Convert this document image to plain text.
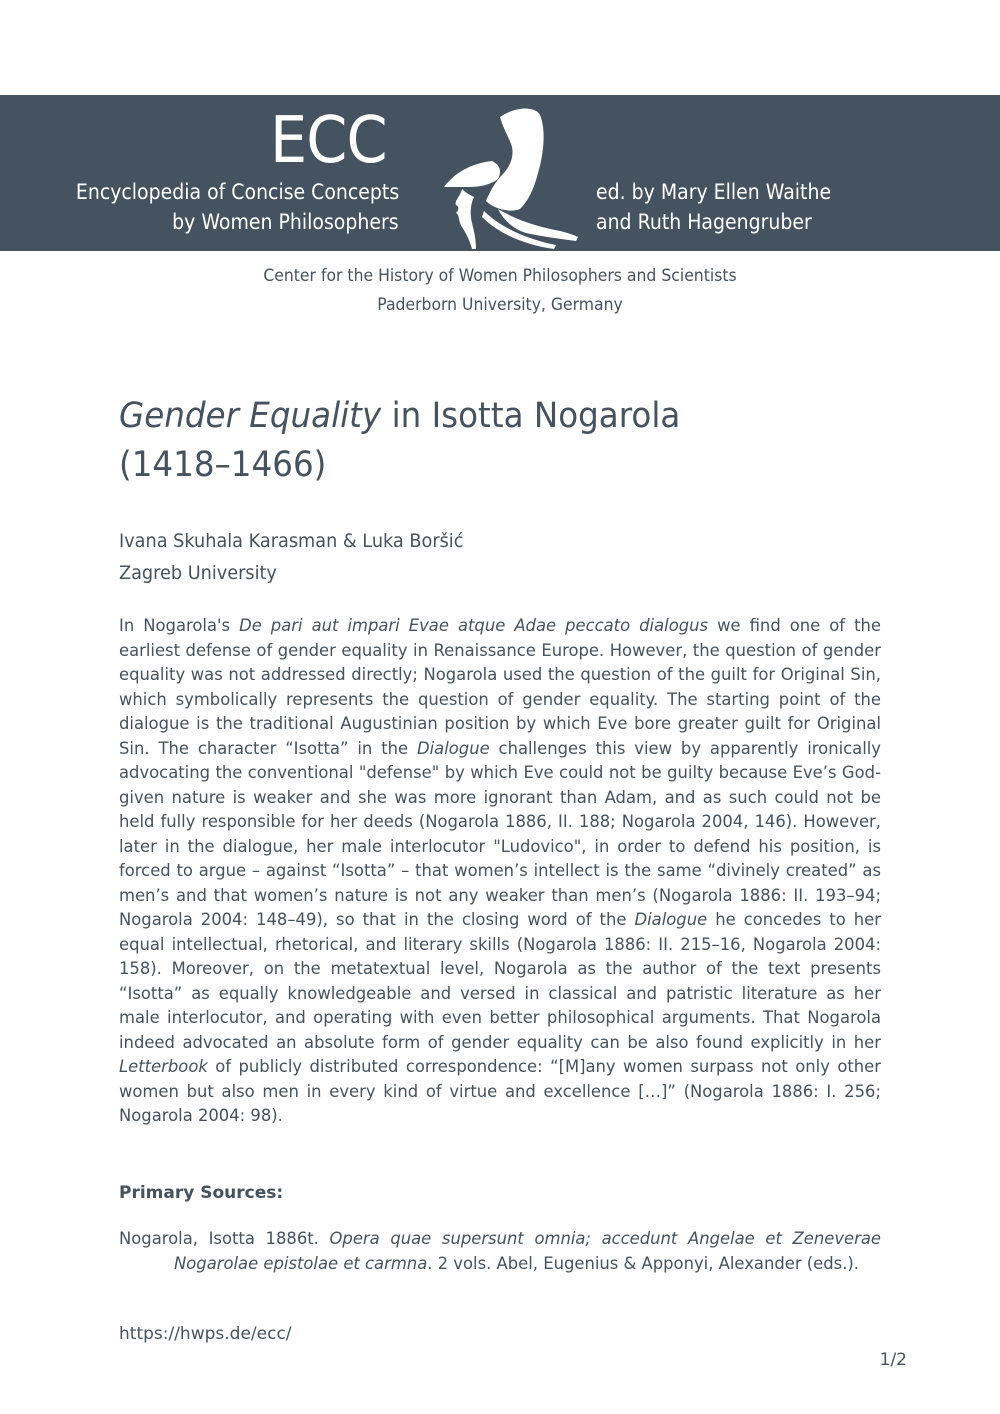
ECC
Encyclopedia of Concise Concepts
by Women Philosophers
ed. by Mary Ellen Waithe
and Ruth Hagengruber
Center for the History of Women Philosophers and Scientists
Paderborn University, Germany
Gender Equality in Isotta Nogarola
(1418–1466)
Ivana Skuhala Karasman & Luka Boršić
Zagreb University

In Nogarola's De pari aut impari Evae atque Adae peccato dialogus we find one of the earliest defense of gender equality in Renaissance Europe. However, the question of gender equality was not addressed directly; Nogarola used the question of the guilt for Original Sin, which symbolically represents the question of gender equality. The starting point of the dialogue is the traditional Augustinian position by which Eve bore greater guilt for Original Sin. The character “Isotta” in the Dialogue challenges this view by apparently ironically advocating the conventional "defense" by which Eve could not be guilty because Eve’s God-given nature is weaker and she was more ignorant than Adam, and as such could not be held fully responsible for her deeds (Nogarola 1886, II. 188; Nogarola 2004, 146). However, later in the dialogue, her male interlocutor "Ludovico", in order to defend his position, is forced to argue – against “Isotta” – that women’s intellect is the same “divinely created” as men’s and that women’s nature is not any weaker than men’s (Nogarola 1886: II. 193–94; Nogarola 2004: 148–49), so that in the closing word of the Dialogue he concedes to her equal intellectual, rhetorical, and literary skills (Nogarola 1886: II. 215–16, Nogarola 2004: 158). Moreover, on the metatextual level, Nogarola as the author of the text presents “Isotta” as equally knowledgeable and versed in classical and patristic literature as her male interlocutor, and operating with even better philosophical arguments. That Nogarola indeed advocated an absolute form of gender equality can be also found explicitly in her Letterbook of publicly distributed correspondence: “[M]any women surpass not only other women but also men in every kind of virtue and excellence […]” (Nogarola 1886: I. 256; Nogarola 2004: 98).

Primary Sources:

Nogarola, Isotta 1886t. Opera quae supersunt omnia; accedunt Angelae et Zeneverae Nogarolae epistolae et carmna. 2 vols. Abel, Eugenius & Apponyi, Alexander (eds.).

https://hwps.de/ecc/
1/2
